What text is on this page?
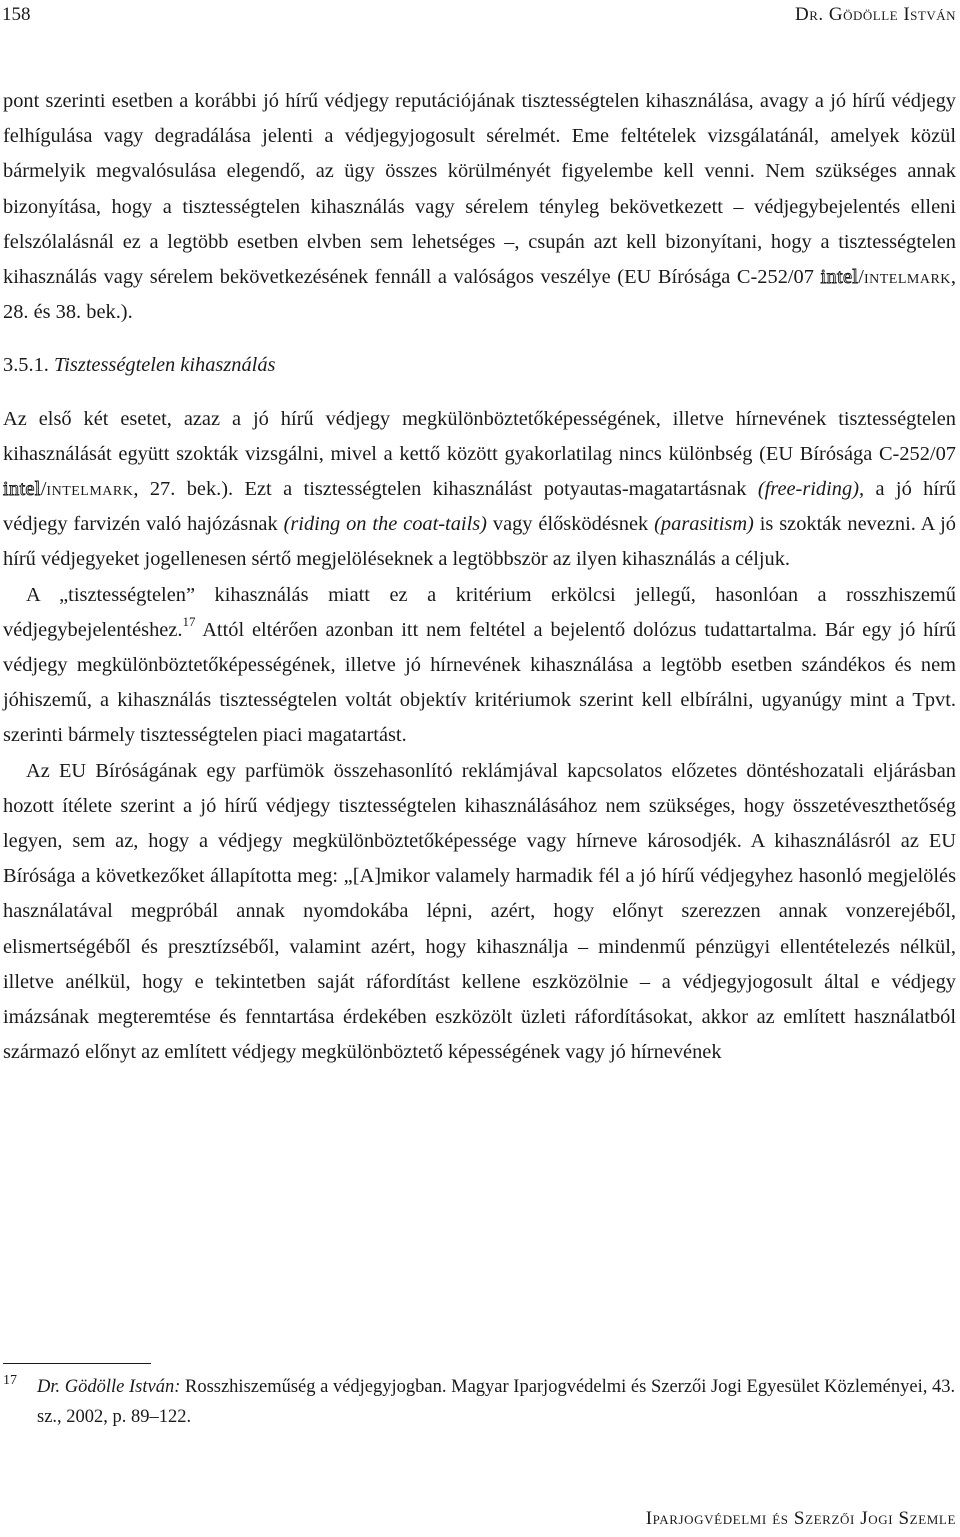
158	Dr. Gödölle István

pont szerinti esetben a korábbi jó hírű védjegy reputációjának tisztességtelen kihasználása, avagy a jó hírű védjegy felhígulása vagy degradálása jelenti a védjegyjogosult sérelmét. Eme feltételek vizsgálatánál, amelyek közül bármelyik megvalósulása elegendő, az ügy összes körülményét figyelembe kell venni. Nem szükséges annak bizonyítása, hogy a tisztességtelen kihasználás vagy sérelem tényleg bekövetkezett – védjegybejelentés elleni felszólalásnál ez a legtöbb esetben elvben sem lehetséges –, csupán azt kell bizonyítani, hogy a tisztességtelen kihasználás vagy sérelem bekövetkezésének fennáll a valóságos veszélye (EU Bírósága C-252/07 intel/intelmark, 28. és 38. bek.).

3.5.1. Tisztességtelen kihasználás

Az első két esetet, azaz a jó hírű védjegy megkülönböztetőképességének, illetve hírnevének tisztességtelen kihasználását együtt szokták vizsgálni, mivel a kettő között gyakorlatilag nincs különbség (EU Bírósága C-252/07 intel/intelmark, 27. bek.). Ezt a tisztességtelen kihasználást potyautas-magatartásnak (free-riding), a jó hírű védjegy farvizén való hajózásnak (riding on the coat-tails) vagy élősködésnek (parasitism) is szokták nevezni. A jó hírű védjegyeket jogellenesen sértő megjelöléseknek a legtöbbször az ilyen kihasználás a céljuk.

A „tisztességtelen” kihasználás miatt ez a kritérium erkölcsi jellegű, hasonlóan a rosszhiszemű védjegybejelentéshez.$^{17}$ Attól eltérően azonban itt nem feltétel a bejelentő dolózus tudattartalma. Bár egy jó hírű védjegy megkülönböztetőképességének, illetve jó hírnevének kihasználása a legtöbb esetben szándékos és nem jóhiszemű, a kihasználás tisztességtelen voltát objektív kritériumok szerint kell elbírálni, ugyanúgy mint a Tpvt. szerinti bármely tisztességtelen piaci magatartást.

Az EU Bíróságának egy parfümök összehasonlító reklámjával kapcsolatos előzetes döntéshozatali eljárásban hozott ítélete szerint a jó hírű védjegy tisztességtelen kihasználásához nem szükséges, hogy összetéveszthetőség legyen, sem az, hogy a védjegy megkülönböztetőképessége vagy hírneve károsodjék. A kihasználásról az EU Bírósága a következőket állapította meg: „[A]mikor valamely harmadik fél a jó hírű védjegyhez hasonló megjelölés használatával megpróbál annak nyomdokába lépni, azért, hogy előnyt szerezzen annak vonzerejéből, elismertségéből és presztízséből, valamint azért, hogy kihasználja – mindenmű pénzügyi ellentételezés nélkül, illetve anélkül, hogy e tekintetben saját ráfordítást kellene eszközölnie – a védjegyjogosult által e védjegy imázsának megteremtése és fenntartása érdekében eszközölt üzleti ráfordításokat, akkor az említett használatból származó előnyt az említett védjegy megkülönböztető képességének vagy jó hírnevének

17 Dr. Gödölle István: Rosszhiszeműség a védjegyjogban. Magyar Iparjogvédelmi és Szerzői Jogi Egyesület Közleményei, 43. sz., 2002, p. 89–122.
Iparjogvédelmi és Szerzői Jogi Szemle
